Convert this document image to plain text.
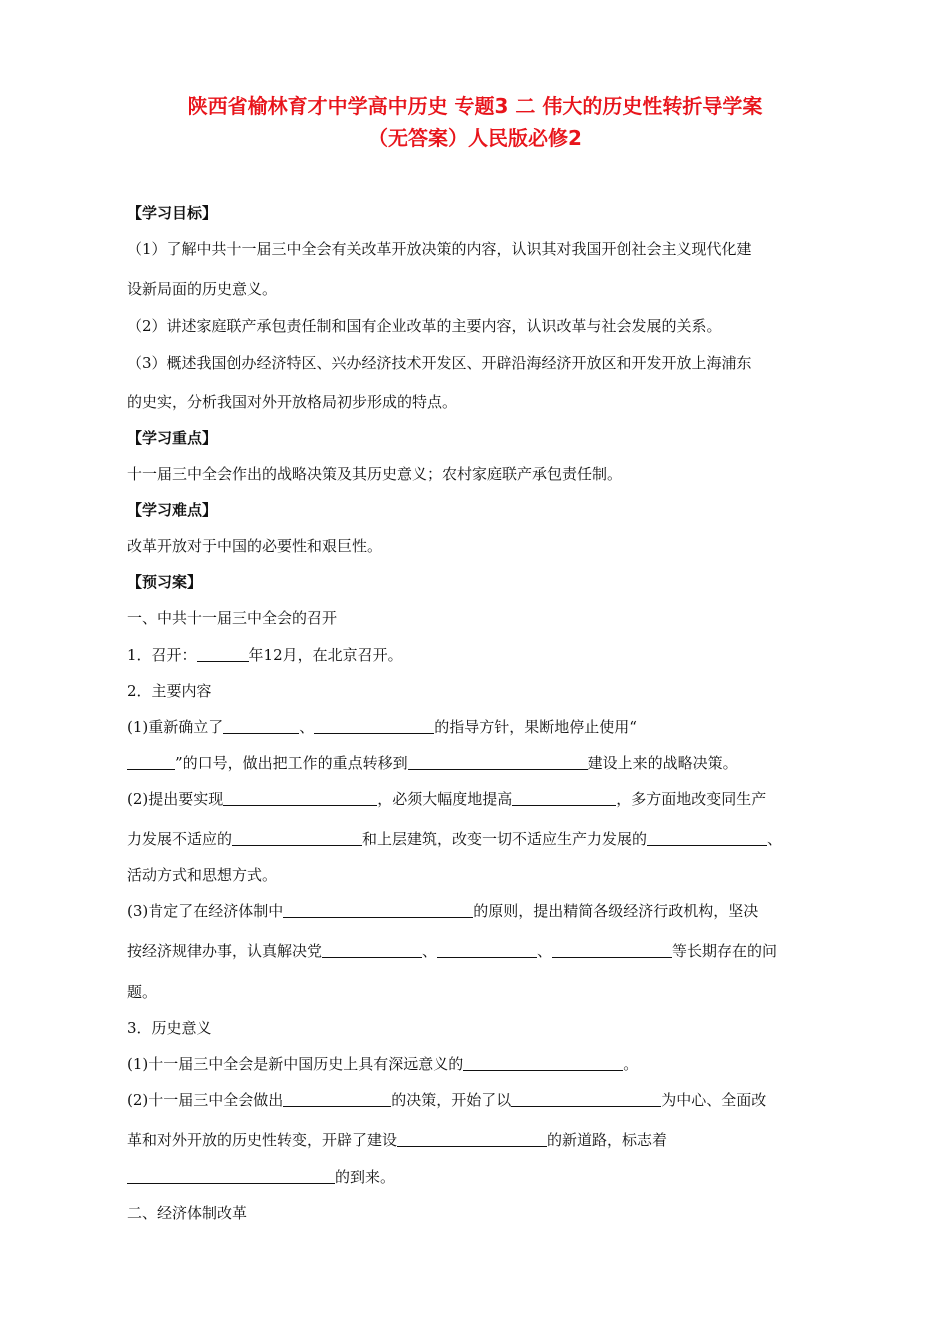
陕西省榆林育才中学高中历史 专题3 二 伟大的历史性转折导学案
（无答案）人民版必修2
【学习目标】
（1）了解中共十一届三中全会有关改革开放决策的内容，认识其对我国开创社会主义现代化建
设新局面的历史意义。
（2）讲述家庭联产承包责任制和国有企业改革的主要内容，认识改革与社会发展的关系。
（3）概述我国创办经济特区、兴办经济技术开发区、开辟沿海经济开放区和开发开放上海浦东
的史实，分析我国对外开放格局初步形成的特点。
【学习重点】
十一届三中全会作出的战略决策及其历史意义；农村家庭联产承包责任制。
【学习难点】
改革开放对于中国的必要性和艰巨性。
【预习案】
一、中共十一届三中全会的召开
1．召开：	年12月，在北京召开。
2．主要内容
(1)重新确立了	、	的指导方针，果断地停止使用“
”的口号，做出把工作的重点转移到	建设上来的战略决策。
(2)提出要实现	，必须大幅度地提高	，多方面地改变同生产
力发展不适应的	和上层建筑，改变一切不适应生产力发展的	、
活动方式和思想方式。
(3)肯定了在经济体制中	的原则，提出精简各级经济行政机构，坚决
按经济规律办事，认真解决党	、	、	等长期存在的问
题。
3．历史意义
(1)十一届三中全会是新中国历史上具有深远意义的	。
(2)十一届三中全会做出	的决策，开始了以	为中心、全面改
革和对外开放的历史性转变，开辟了建设	的新道路，标志着
的到来。
二、经济体制改革
